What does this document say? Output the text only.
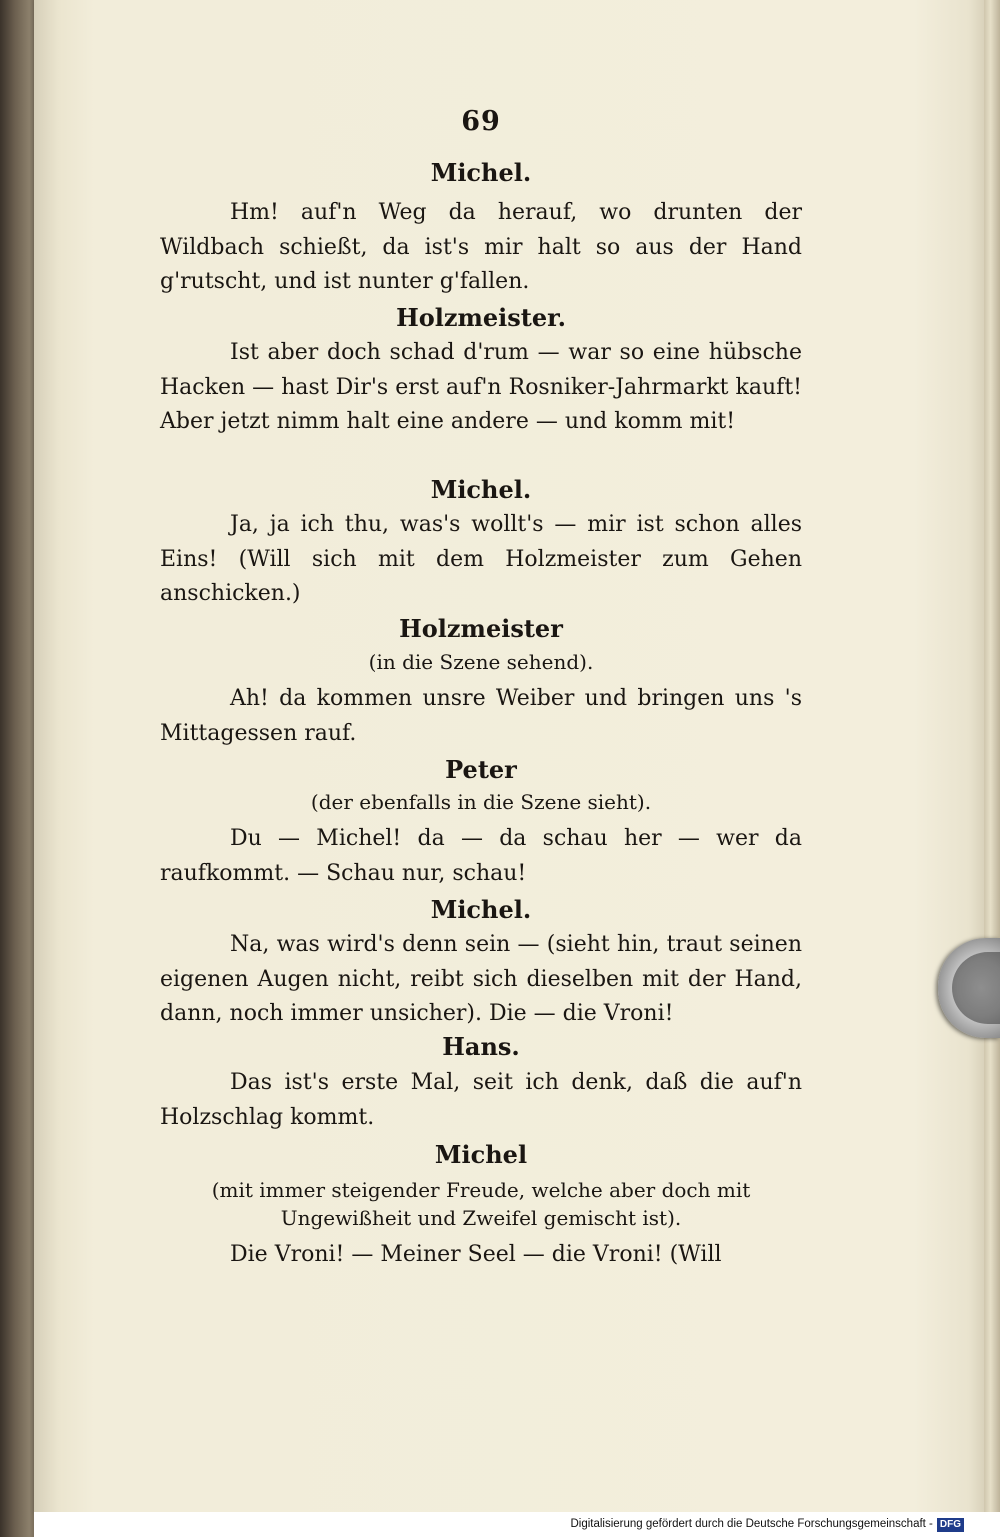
69
Michel.

Hm! auf'n Weg da herauf, wo drunten der Wildbach schießt, da ist's mir halt so aus der Hand g'rutscht, und ist nunter g'fallen.

Holzmeister.

Ist aber doch schad d'rum — war so eine hübsche Hacken — hast Dir's erst auf'n Rosniker-Jahrmarkt kauft! Aber jetzt nimm halt eine andere — und komm mit!

Michel.

Ja, ja ich thu, was's wollt's — mir ist schon alles Eins! (Will sich mit dem Holzmeister zum Gehen anschicken.)

Holzmeister
(in die Szene sehend).

Ah! da kommen unsre Weiber und bringen uns 's Mittagessen rauf.

Peter
(der ebenfalls in die Szene sieht).

Du — Michel! da — da schau her — wer da raufkommt. — Schau nur, schau!

Michel.

Na, was wird's denn sein — (sieht hin, traut seinen eigenen Augen nicht, reibt sich dieselben mit der Hand, dann, noch immer unsicher). Die — die Vroni!

Hans.

Das ist's erste Mal, seit ich denk, daß die auf'n Holzschlag kommt.

Michel
(mit immer steigender Freude, welche aber doch mit Ungewißheit und Zweifel gemischt ist).

Die Vroni! — Meiner Seel — die Vroni! (Will

Digitalisierung gefördert durch die Deutsche Forschungsgemeinschaft - DFG
